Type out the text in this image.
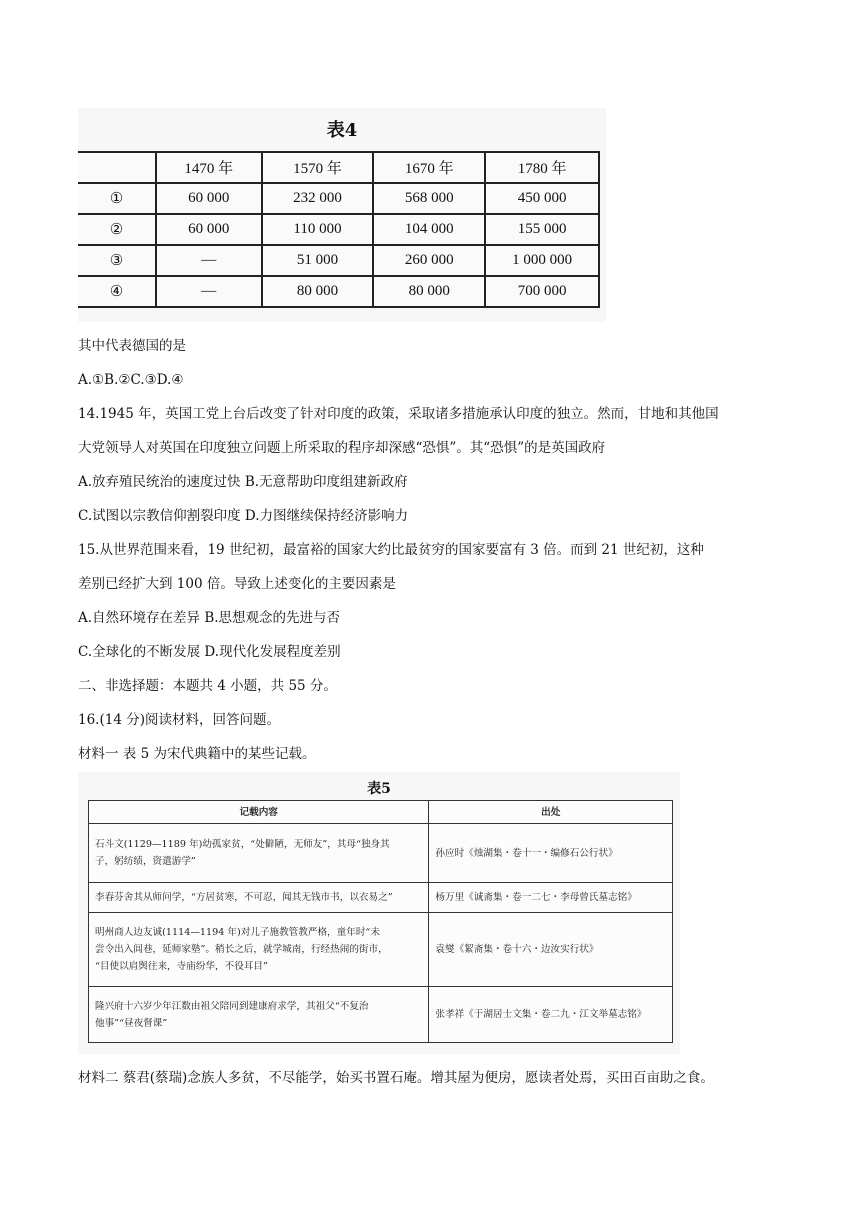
表4
	1470 年	1570 年	1670 年	1780 年
①	60 000	232 000	568 000	450 000
②	60 000	110 000	104 000	155 000
③	—	51 000	260 000	1 000 000
④	—	80 000	80 000	700 000
其中代表德国的是
A.①B.②C.③D.④
14.1945 年，英国工党上台后改变了针对印度的政策，采取诸多措施承认印度的独立。然而，甘地和其他国
大党领导人对英国在印度独立问题上所采取的程序却深感“恐惧”。其“恐惧”的是英国政府
A.放弃殖民统治的速度过快 B.无意帮助印度组建新政府
C.试图以宗教信仰割裂印度 D.力图继续保持经济影响力
15.从世界范围来看，19 世纪初，最富裕的国家大约比最贫穷的国家要富有 3 倍。而到 21 世纪初，这种
差别已经扩大到 100 倍。导致上述变化的主要因素是
A.自然环境存在差异 B.思想观念的先进与否
C.全球化的不断发展 D.现代化发展程度差别
二、非选择题：本题共 4 小题，共 55 分。
16.(14 分)阅读材料，回答问题。
材料一 表 5 为宋代典籍中的某些记载。
表5
记载内容	出处

石斗文(1129—1189 年)幼孤家贫，“处僻陋，无师友”，其母“独身其
子，躬纺绩，资遣游学”	孙应时《烛湖集・卷十一・编修石公行状》

李春芬舍其从师问学，“方居贫寒，不可忍，闻其无钱市书，以衣易之”	杨万里《诚斋集・卷一二七・李母曾氏墓志铭》

明州商人边友诚(1114—1194 年)对儿子施教管教严格，童年时“未
尝令出入闾巷，延师家塾”。稍长之后，就学城南，行经热闹的街市，
“目使以肩舆往来，寺庙纷华，不役耳目”	袁燮《絜斋集・卷十六・边汝实行状》

隆兴府十六岁少年江数由祖父陪同到建康府求学，其祖父“不复治
他事”“昼夜督课”	张孝祥《于湖居士文集・卷二九・江文举墓志铭》
材料二 蔡君(蔡瑞)念族人多贫，不尽能学，始买书置石庵。增其屋为便房，愿读者处焉，买田百亩助之食。
